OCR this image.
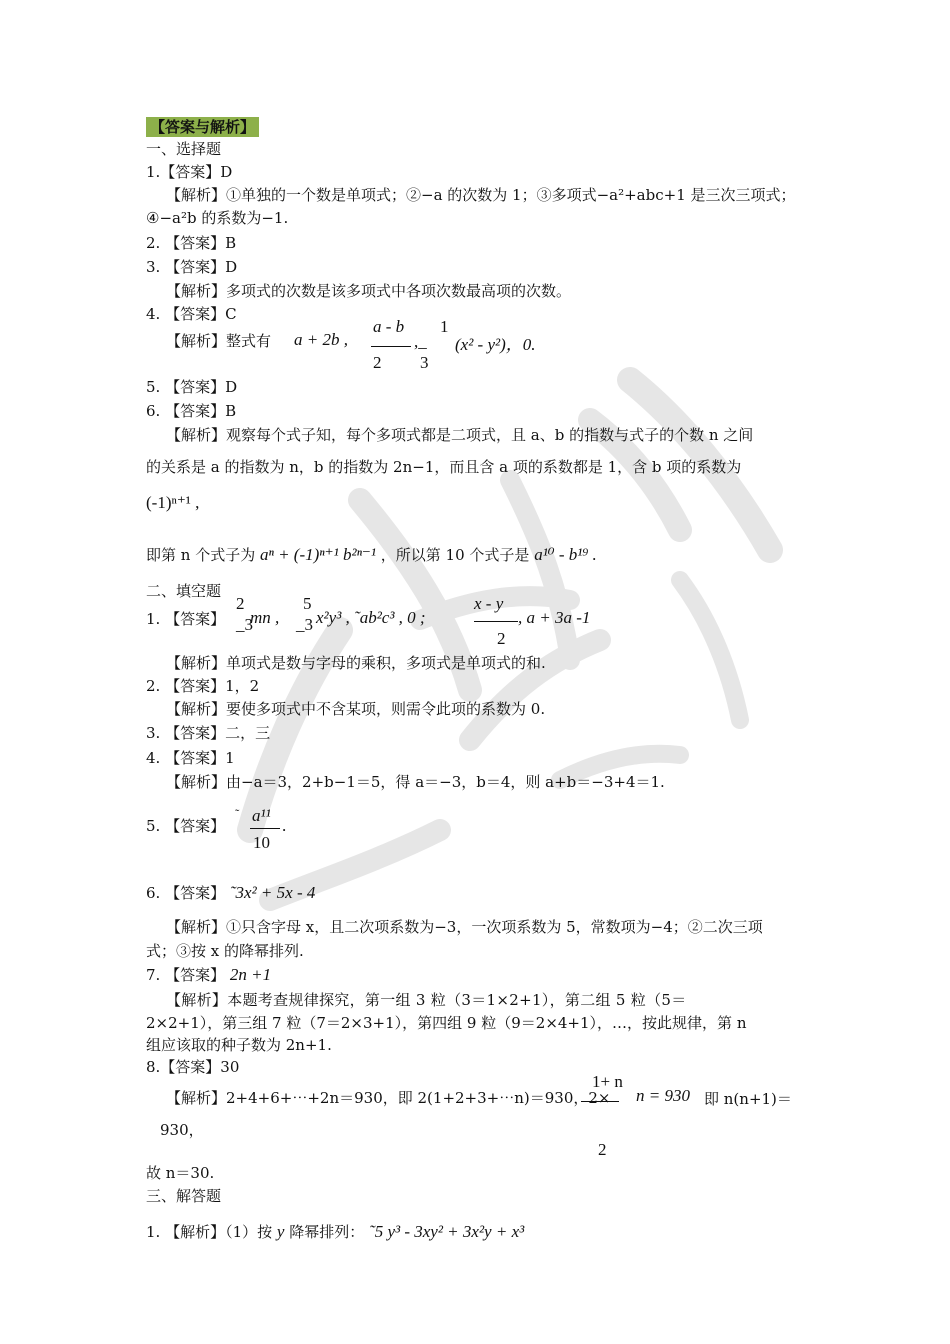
【答案与解析】
一、选择题
1.【答案】D
【解析】①单独的一个数是单项式；②−a 的次数为 1；③多项式−a²+abc+1 是三次三项式；
④−a²b 的系数为−1.
2. 【答案】B
3. 【答案】D
【解析】多项式的次数是该多项式中各项次数最高项的次数。
4. 【答案】C
【解析】整式有 a + 2b ,
a - b
2
,_
1
3
(x² - y²)，0.
5. 【答案】D
6. 【答案】B
【解析】观察每个式子知，每个多项式都是二项式，且 a、b 的指数与式子的个数 n 之间
的关系是 a 的指数为 n，b 的指数为 2n−1，而且含 a 项的系数都是 1，含 b 项的系数为
(-1)ⁿ⁺¹ ,
即第 n 个式子为 aⁿ + (-1)ⁿ⁺¹ b²ⁿ⁻¹ ，所以第 10 个式子是 a¹⁰ - b¹⁹ .
二、填空题
1. 【答案】
2
_3
mn ,
5
_3 x²y³ , ˜ab²c³ , 0 ;
x - y
2
, a + 3a -1
【解析】单项式是数与字母的乘积，多项式是单项式的和.
2. 【答案】1，2
【解析】要使多项式中不含某项，则需令此项的系数为 0.
3. 【答案】二，三
4. 【答案】1
【解析】由−a＝3，2+b−1＝5，得 a＝−3，b＝4，则 a+b＝−3+4＝1.
5. 【答案】
˜ a¹¹
10
.
6. 【答案】 ˜3x² + 5x - 4
【解析】①只含字母 x，且二次项系数为−3，一次项系数为 5，常数项为−4；②二次三项
式；③按 x 的降幂排列.
7. 【答案】 2n +1
【解析】本题考查规律探究，第一组 3 粒（3＝1×2+1），第二组 5 粒（5＝
2×2+1），第三组 7 粒（7＝2×3+1），第四组 9 粒（9＝2×4+1），…，按此规律，第 n
组应该取的种子数为 2n+1.
8.【答案】30
【解析】2+4+6+⋯+2n＝930，即 2(1+2+3+⋯n)＝930，2×
1+ n
n = 930 即 n(n+1)＝
930，
2
故 n＝30.
三、解答题
1. 【解析】（1）按 y 降幂排列： ˜5 y³ - 3xy² + 3x²y + x³
